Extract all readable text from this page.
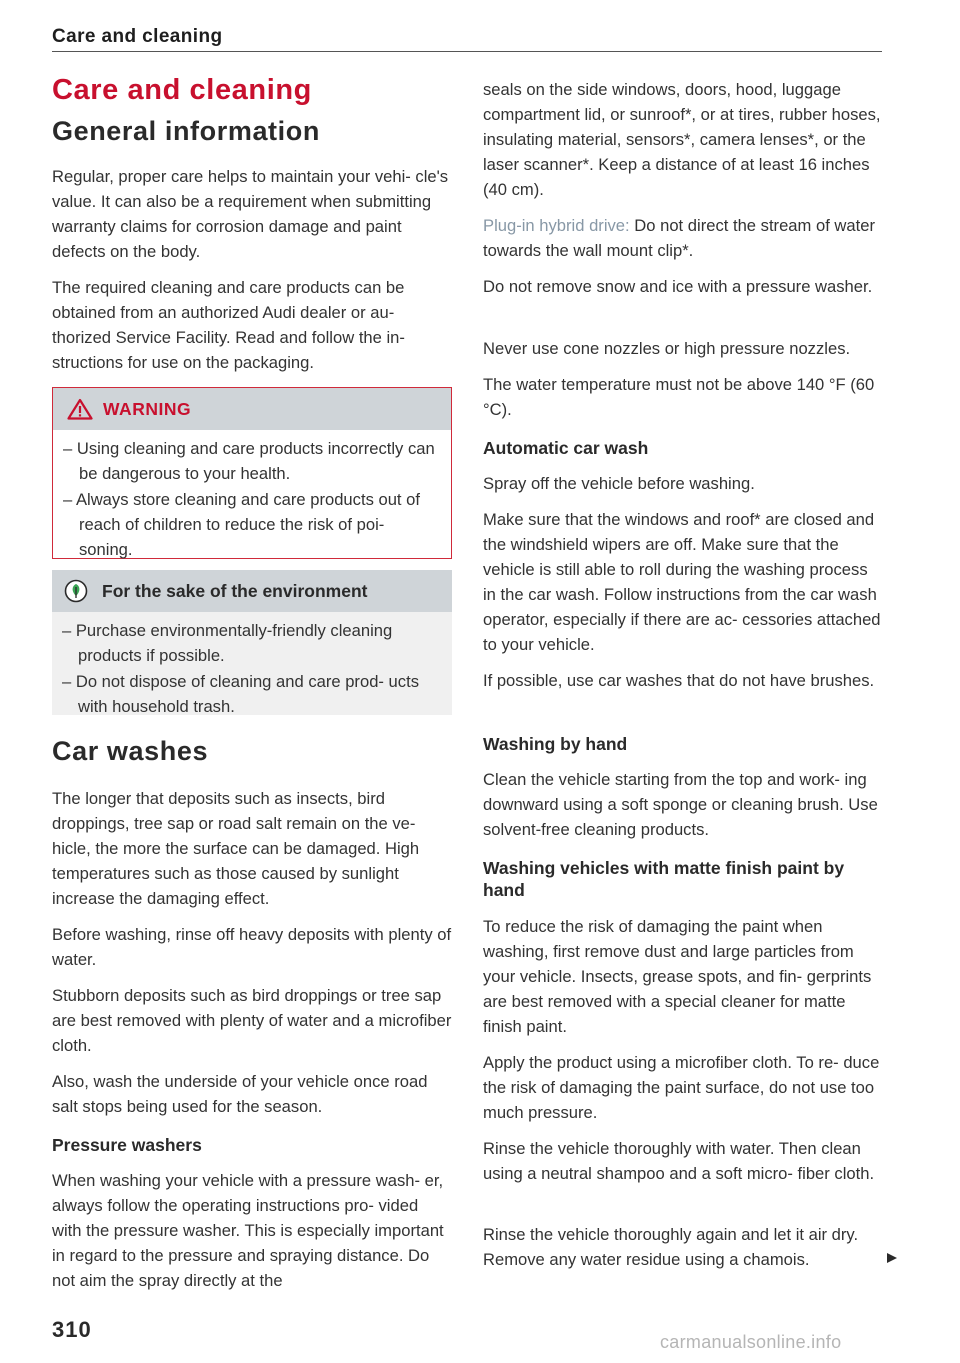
Care and cleaning
Care and cleaning
General information

Regular, proper care helps to maintain your vehi- cle's value. It can also be a requirement when submitting warranty claims for corrosion damage and paint defects on the body.

The required cleaning and care products can be obtained from an authorized Audi dealer or au- thorized Service Facility. Read and follow the in- structions for use on the packaging.

WARNING
– Using cleaning and care products incorrectly can be dangerous to your health.
– Always store cleaning and care products out of reach of children to reduce the risk of poi- soning.
For the sake of the environment
– Purchase environmentally-friendly cleaning products if possible.
– Do not dispose of cleaning and care prod- ucts with household trash.
Car washes

The longer that deposits such as insects, bird droppings, tree sap or road salt remain on the ve- hicle, the more the surface can be damaged. High temperatures such as those caused by sunlight increase the damaging effect.

Before washing, rinse off heavy deposits with plenty of water.

Stubborn deposits such as bird droppings or tree sap are best removed with plenty of water and a microfiber cloth.

Also, wash the underside of your vehicle once road salt stops being used for the season.

Pressure washers

When washing your vehicle with a pressure wash- er, always follow the operating instructions pro- vided with the pressure washer. This is especially important in regard to the pressure and spraying distance. Do not aim the spray directly at the

seals on the side windows, doors, hood, luggage compartment lid, or sunroof*, or at tires, rubber hoses, insulating material, sensors*, camera lenses*, or the laser scanner*. Keep a distance of at least 16 inches (40 cm).

Plug-in hybrid drive: Do not direct the stream of water towards the wall mount clip*.

Do not remove snow and ice with a pressure washer.

Never use cone nozzles or high pressure nozzles.

The water temperature must not be above 140 °F (60 °C).

Automatic car wash

Spray off the vehicle before washing.

Make sure that the windows and roof* are closed and the windshield wipers are off. Make sure that the vehicle is still able to roll during the washing process in the car wash. Follow instructions from the car wash operator, especially if there are ac- cessories attached to your vehicle.

If possible, use car washes that do not have brushes.

Washing by hand

Clean the vehicle starting from the top and work- ing downward using a soft sponge or cleaning brush. Use solvent-free cleaning products.

Washing vehicles with matte finish paint by hand

To reduce the risk of damaging the paint when washing, first remove dust and large particles from your vehicle. Insects, grease spots, and fin- gerprints are best removed with a special cleaner for matte finish paint.

Apply the product using a microfiber cloth. To re- duce the risk of damaging the paint surface, do not use too much pressure.

Rinse the vehicle thoroughly with water. Then clean using a neutral shampoo and a soft micro- fiber cloth.

Rinse the vehicle thoroughly again and let it air dry. Remove any water residue using a chamois.

310	carmanualsonline.info
